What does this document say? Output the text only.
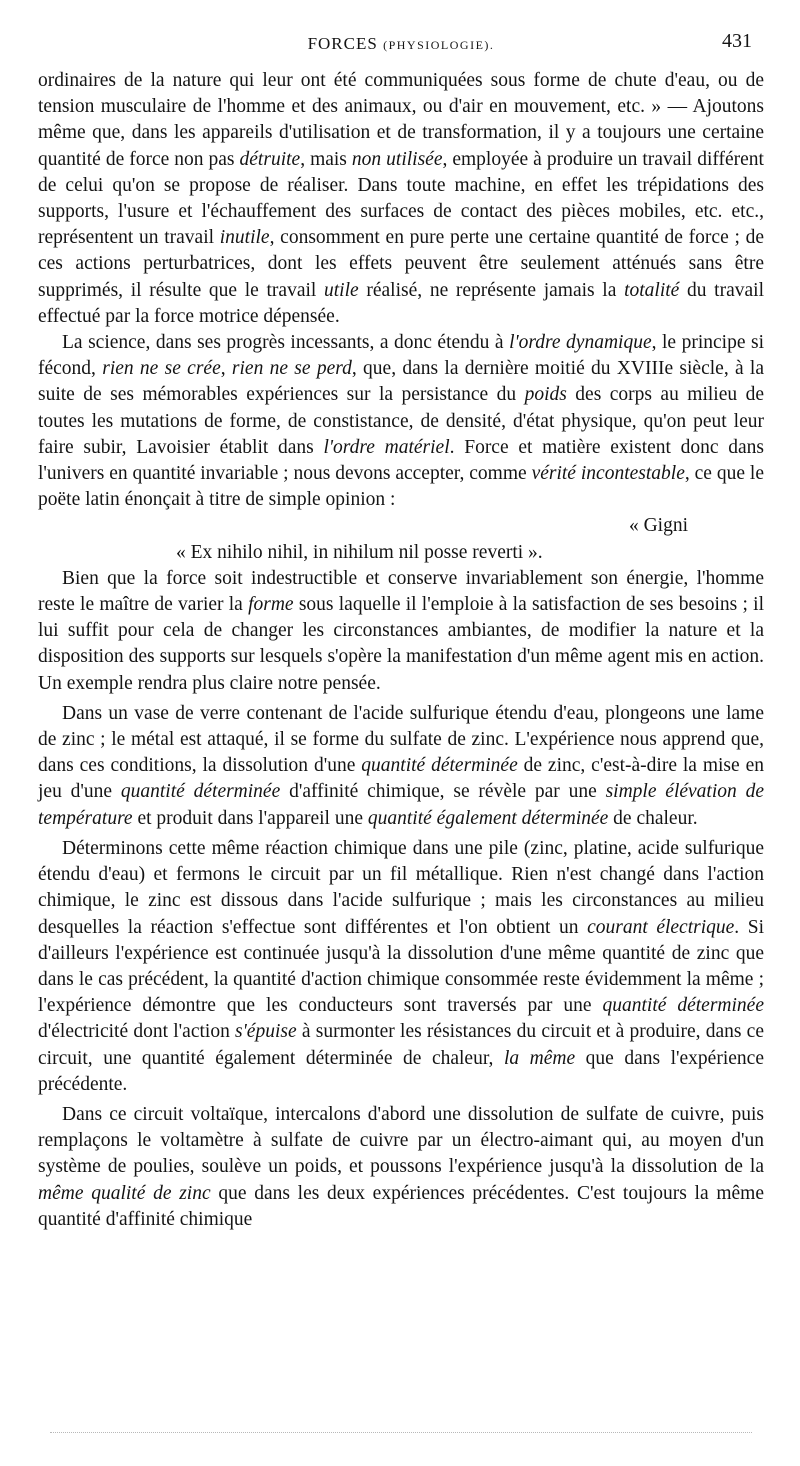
FORCES (PHYSIOLOGIE).	431

ordinaires de la nature qui leur ont été communiquées sous forme de chute d'eau, ou de tension musculaire de l'homme et des animaux, ou d'air en mouvement, etc. » — Ajoutons même que, dans les appareils d'utilisation et de transformation, il y a toujours une certaine quantité de force non pas détruite, mais non utilisée, employée à produire un travail différent de celui qu'on se propose de réaliser. Dans toute machine, en effet les trépidations des supports, l'usure et l'échauffement des surfaces de contact des pièces mobiles, etc. etc., représentent un travail inutile, consomment en pure perte une certaine quantité de force ; de ces actions perturbatrices, dont les effets peuvent être seulement atténués sans être supprimés, il résulte que le travail utile réalisé, ne représente jamais la totalité du travail effectué par la force motrice dépensée.

La science, dans ses progrès incessants, a donc étendu à l'ordre dynamique, le principe si fécond, rien ne se crée, rien ne se perd, que, dans la dernière moitié du XVIIIe siècle, à la suite de ses mémorables expériences sur la persistance du poids des corps au milieu de toutes les mutations de forme, de constistance, de densité, d'état physique, qu'on peut leur faire subir, Lavoisier établit dans l'ordre matériel. Force et matière existent donc dans l'univers en quantité invariable ; nous devons accepter, comme vérité incontestable, ce que le poëte latin énonçait à titre de simple opinion :

« Gigni

« Ex nihilo nihil, in nihilum nil posse reverti ».

Bien que la force soit indestructible et conserve invariablement son énergie, l'homme reste le maître de varier la forme sous laquelle il l'emploie à la satisfaction de ses besoins ; il lui suffit pour cela de changer les circonstances ambiantes, de modifier la nature et la disposition des supports sur lesquels s'opère la manifestation d'un même agent mis en action. Un exemple rendra plus claire notre pensée.

Dans un vase de verre contenant de l'acide sulfurique étendu d'eau, plongeons une lame de zinc ; le métal est attaqué, il se forme du sulfate de zinc. L'expérience nous apprend que, dans ces conditions, la dissolution d'une quantité déterminée de zinc, c'est-à-dire la mise en jeu d'une quantité déterminée d'affinité chimique, se révèle par une simple élévation de température et produit dans l'appareil une quantité également déterminée de chaleur.

Déterminons cette même réaction chimique dans une pile (zinc, platine, acide sulfurique étendu d'eau) et fermons le circuit par un fil métallique. Rien n'est changé dans l'action chimique, le zinc est dissous dans l'acide sulfurique ; mais les circonstances au milieu desquelles la réaction s'effectue sont différentes et l'on obtient un courant électrique. Si d'ailleurs l'expérience est continuée jusqu'à la dissolution d'une même quantité de zinc que dans le cas précédent, la quantité d'action chimique consommée reste évidemment la même ; l'expérience démontre que les conducteurs sont traversés par une quantité déterminée d'électricité dont l'action s'épuise à surmonter les résistances du circuit et à produire, dans ce circuit, une quantité également déterminée de chaleur, la même que dans l'expérience précédente.

Dans ce circuit voltaïque, intercalons d'abord une dissolution de sulfate de cuivre, puis remplaçons le voltamètre à sulfate de cuivre par un électro-aimant qui, au moyen d'un système de poulies, soulève un poids, et poussons l'expérience jusqu'à la dissolution de la même qualité de zinc que dans les deux expériences précédentes. C'est toujours la même quantité d'affinité chimique
